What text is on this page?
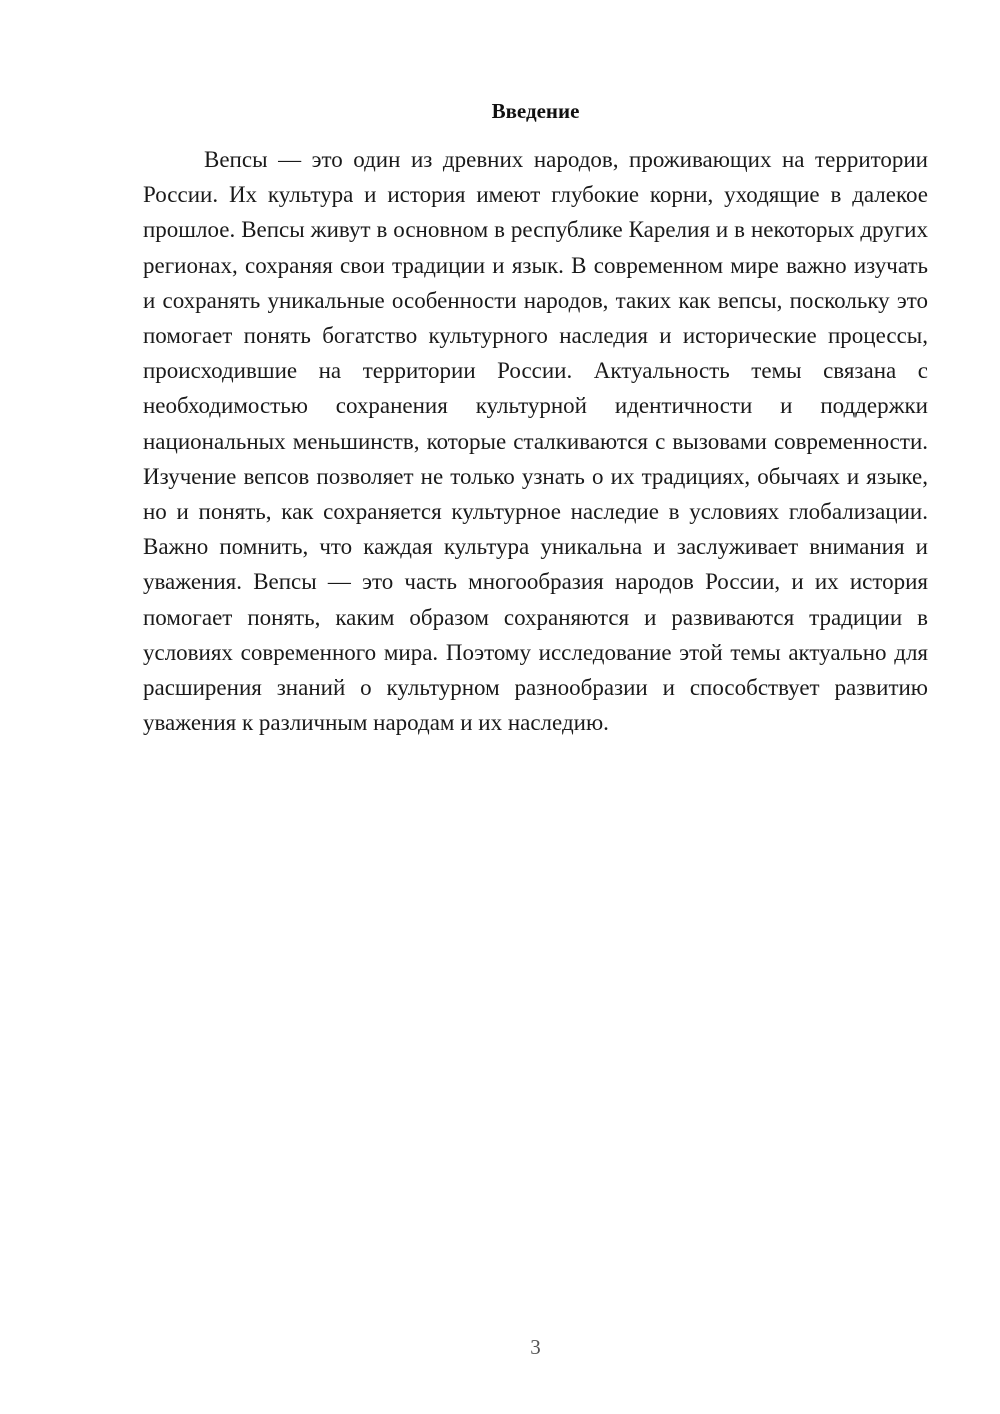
Введение

Вепсы — это один из древних народов, проживающих на территории России. Их культура и история имеют глубокие корни, уходящие в далекое прошлое. Вепсы живут в основном в республике Карелия и в некоторых других регионах, сохраняя свои традиции и язык. В современном мире важно изучать и сохранять уникальные особенности народов, таких как вепсы, поскольку это помогает понять богатство культурного наследия и исторические процессы, происходившие на территории России. Актуальность темы связана с необходимостью сохранения культурной идентичности и поддержки национальных меньшинств, которые сталкиваются с вызовами современности. Изучение вепсов позволяет не только узнать о их традициях, обычаях и языке, но и понять, как сохраняется культурное наследие в условиях глобализации. Важно помнить, что каждая культура уникальна и заслуживает внимания и уважения. Вепсы — это часть многообразия народов России, и их история помогает понять, каким образом сохраняются и развиваются традиции в условиях современного мира. Поэтому исследование этой темы актуально для расширения знаний о культурном разнообразии и способствует развитию уважения к различным народам и их наследию.

3
